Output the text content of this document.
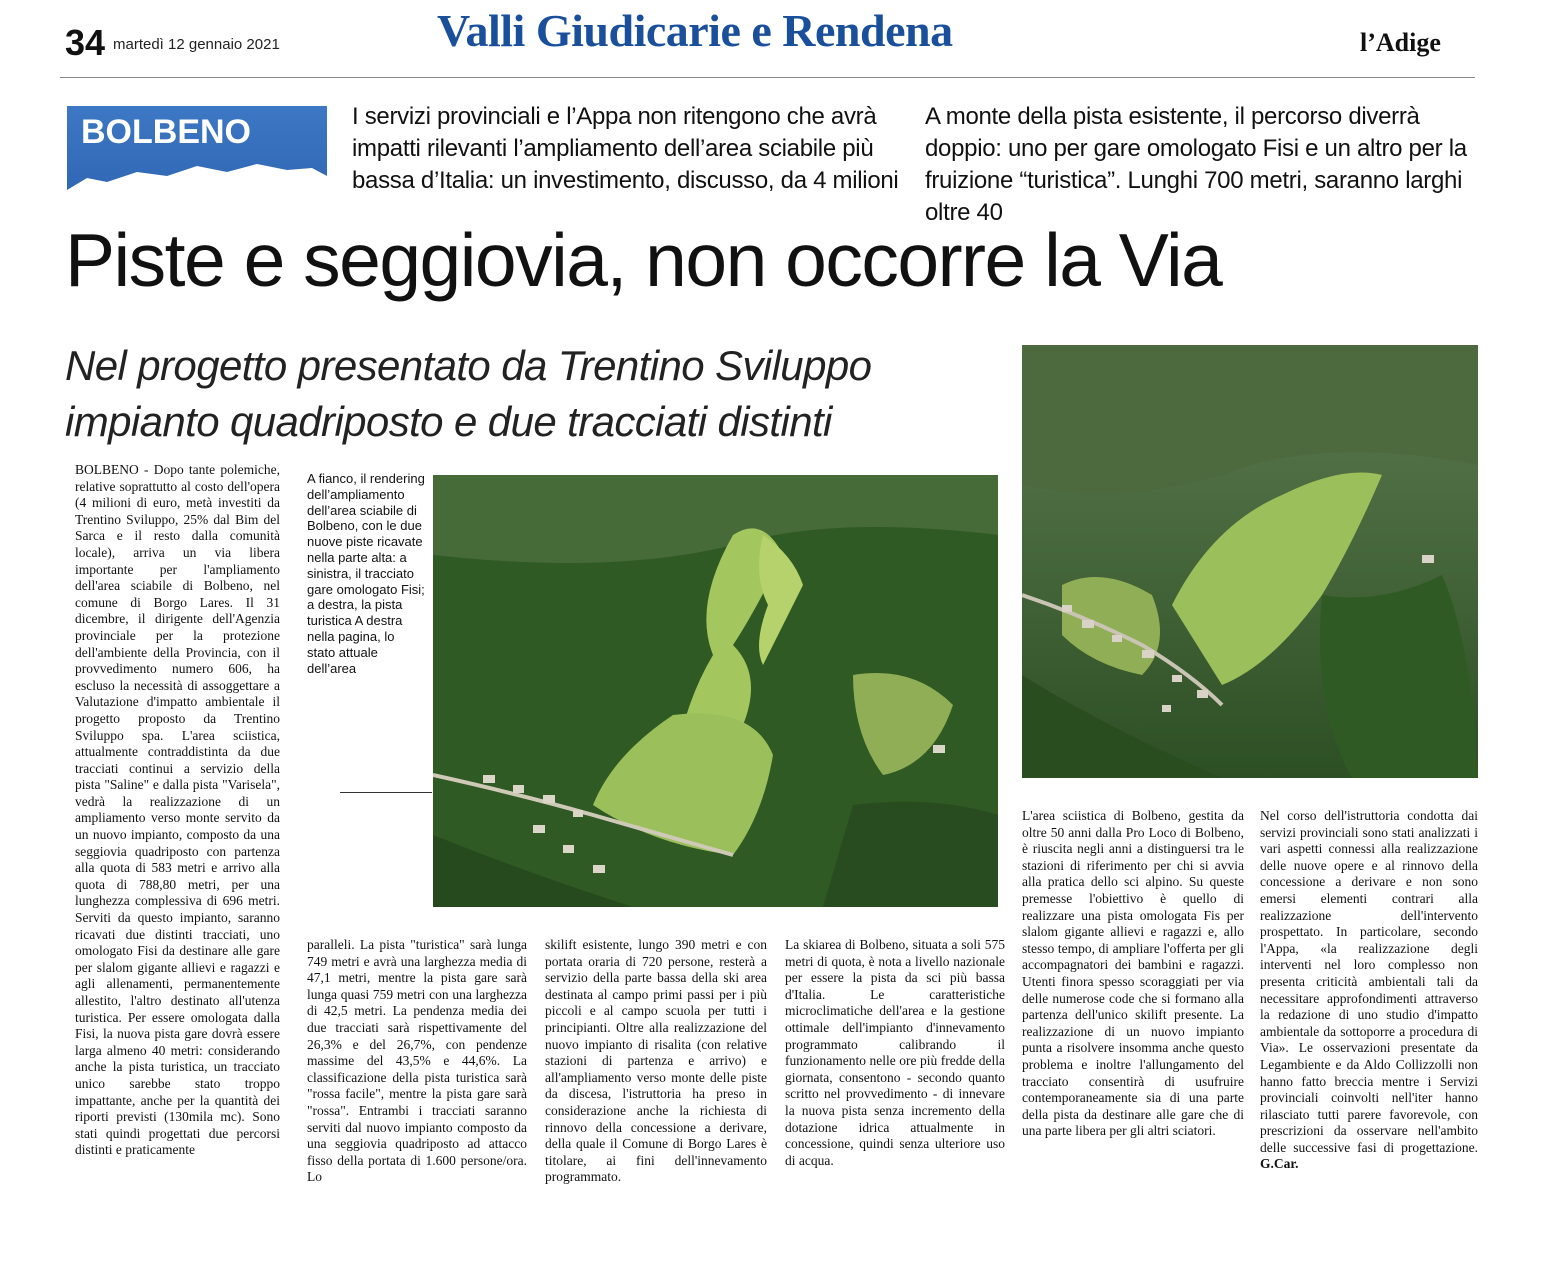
34 martedì 12 gennaio 2021	Valli Giudicarie e Rendena	l’Adige
BOLBENO	I servizi provinciali e l’Appa non ritengono che avrà impatti rilevanti l’ampliamento dell’area sciabile più bassa d’Italia: un investimento, discusso, da 4 milioni
A monte della pista esistente, il percorso diverrà doppio: uno per gare omologato Fisi e un altro per la fruizione “turistica”. Lunghi 700 metri, saranno larghi oltre 40
Piste e seggiovia, non occorre la Via
Nel progetto presentato da Trentino Sviluppo impianto quadriposto e due tracciati distinti
A fianco, il rendering dell’ampliamento dell’area sciabile di Bolbeno, con le due nuove piste ricavate nella parte alta: a sinistra, il tracciato gare omologato Fisi; a destra, la pista turistica A destra nella pagina, lo stato attuale dell’area
BOLBENO - Dopo tante polemiche, relative soprattutto al costo dell'opera (4 milioni di euro, metà investiti da Trentino Sviluppo, 25% dal Bim del Sarca e il resto dalla comunità locale), arriva un via libera importante per l'ampliamento dell'area sciabile di Bolbeno, nel comune di Borgo Lares. Il 31 dicembre, il dirigente dell'Agenzia provinciale per la protezione dell'ambiente della Provincia, con il provvedimento numero 606, ha escluso la necessità di assoggettare a Valutazione d'impatto ambientale il progetto proposto da Trentino Sviluppo spa. L'area sciistica, attualmente contraddistinta da due tracciati continui a servizio della pista "Saline" e dalla pista "Varisela", vedrà la realizzazione di un ampliamento verso monte servito da un nuovo impianto, composto da una seggiovia quadriposto con partenza alla quota di 583 metri e arrivo alla quota di 788,80 metri, per una lunghezza complessiva di 696 metri. Serviti da questo impianto, saranno ricavati due distinti tracciati, uno omologato Fisi da destinare alle gare per slalom gigante allievi e ragazzi e agli allenamenti, permanentemente allestito, l'altro destinato all'utenza turistica. Per essere omologata dalla Fisi, la nuova pista gare dovrà essere larga almeno 40 metri: considerando anche la pista turistica, un tracciato unico sarebbe stato troppo impattante, anche per la quantità dei riporti previsti (130mila mc). Sono stati quindi progettati due percorsi distinti e praticamente
paralleli. La pista "turistica" sarà lunga 749 metri e avrà una larghezza media di 47,1 metri, mentre la pista gare sarà lunga quasi 759 metri con una larghezza di 42,5 metri. La pendenza media dei due tracciati sarà rispettivamente del 26,3% e del 26,7%, con pendenze massime del 43,5% e 44,6%. La classificazione della pista turistica sarà "rossa facile", mentre la pista gare sarà "rossa". Entrambi i tracciati saranno serviti dal nuovo impianto composto da una seggiovia quadriposto ad attacco fisso della portata di 1.600 persone/ora. Lo
skilift esistente, lungo 390 metri e con portata oraria di 720 persone, resterà a servizio della parte bassa della ski area destinata al campo primi passi per i più piccoli e al campo scuola per tutti i principianti. Oltre alla realizzazione del nuovo impianto di risalita (con relative stazioni di partenza e arrivo) e all'ampliamento verso monte delle piste da discesa, l'istruttoria ha preso in considerazione anche la richiesta di rinnovo della concessione a derivare, della quale il Comune di Borgo Lares è titolare, ai fini dell'innevamento programmato.
La skiarea di Bolbeno, situata a soli 575 metri di quota, è nota a livello nazionale per essere la pista da sci più bassa d'Italia. Le caratteristiche microclimatiche dell'area e la gestione ottimale dell'impianto d'innevamento programmato calibrando il funzionamento nelle ore più fredde della giornata, consentono - secondo quanto scritto nel provvedimento - di innevare la nuova pista senza incremento della dotazione idrica attualmente in concessione, quindi senza ulteriore uso di acqua.
L'area sciistica di Bolbeno, gestita da oltre 50 anni dalla Pro Loco di Bolbeno, è riuscita negli anni a distinguersi tra le stazioni di riferimento per chi si avvia alla pratica dello sci alpino. Su queste premesse l'obiettivo è quello di realizzare una pista omologata Fis per slalom gigante allievi e ragazzi e, allo stesso tempo, di ampliare l'offerta per gli accompagnatori dei bambini e ragazzi. Utenti finora spesso scoraggiati per via delle numerose code che si formano alla partenza dell'unico skilift presente. La realizzazione di un nuovo impianto punta a risolvere insomma anche questo problema e inoltre l'allungamento del tracciato consentirà di usufruire contemporaneamente sia di una parte della pista da destinare alle gare che di una parte libera per gli altri sciatori.
Nel corso dell'istruttoria condotta dai servizi provinciali sono stati analizzati i vari aspetti connessi alla realizzazione delle nuove opere e al rinnovo della concessione a derivare e non sono emersi elementi contrari alla realizzazione dell'intervento prospettato. In particolare, secondo l'Appa, «la realizzazione degli interventi nel loro complesso non presenta criticità ambientali tali da necessitare approfondimenti attraverso la redazione di uno studio d'impatto ambientale da sottoporre a procedura di Via». Le osservazioni presentate da Legambiente e da Aldo Collizzolli non hanno fatto breccia mentre i Servizi provinciali coinvolti nell'iter hanno rilasciato tutti parere favorevole, con prescrizioni da osservare nell'ambito delle successive fasi di progettazione. G.Car.
